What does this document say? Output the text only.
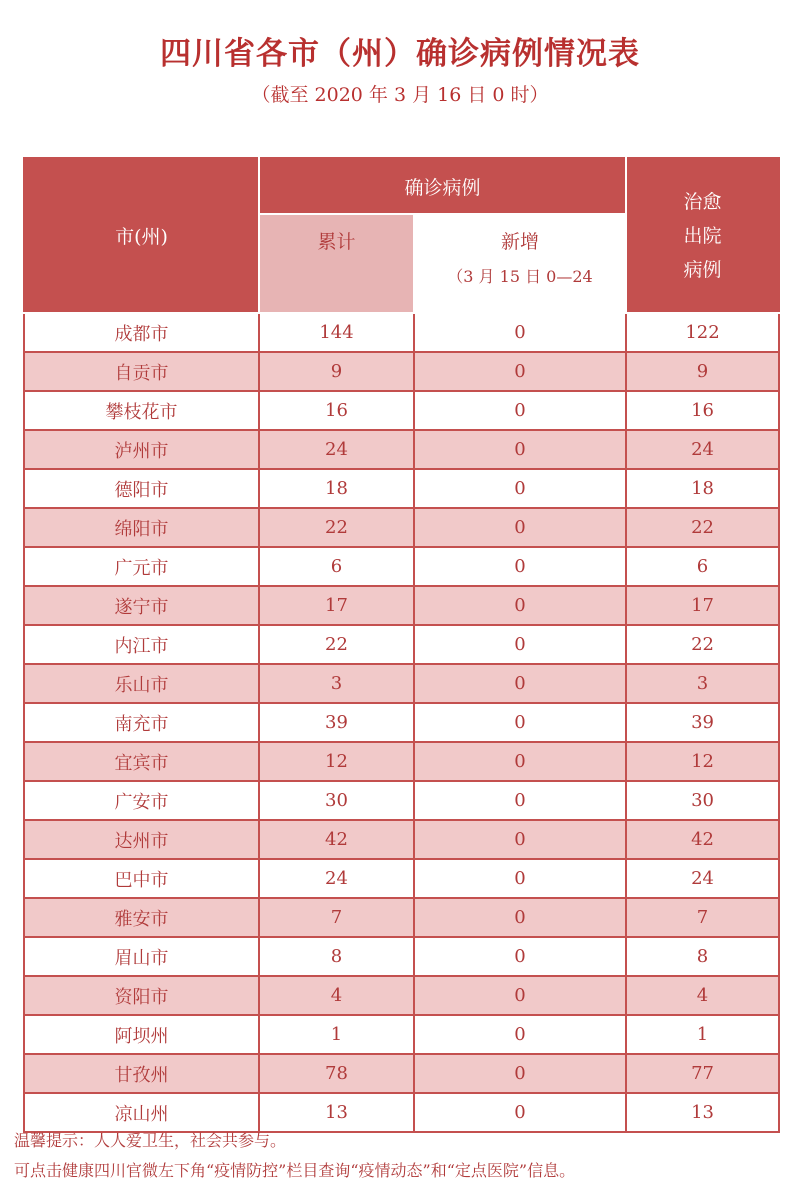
四川省各市（州）确诊病例情况表
（截至 2020 年 3 月 16 日 0 时）
市(州)	确诊病例		治愈
出院
病例
	累计	新增
（3 月 15 日 0—24	

成都市	144	0	122
自贡市	9	0	9
攀枝花市	16	0	16
泸州市	24	0	24
德阳市	18	0	18
绵阳市	22	0	22
广元市	6	0	6
遂宁市	17	0	17
内江市	22	0	22
乐山市	3	0	3
南充市	39	0	39
宜宾市	12	0	12
广安市	30	0	30
达州市	42	0	42
巴中市	24	0	24
雅安市	7	0	7
眉山市	8	0	8
资阳市	4	0	4
阿坝州	1	0	1
甘孜州	78	0	77
凉山州	13	0	13
温馨提示：人人爱卫生，社会共参与。
可点击健康四川官微左下角“疫情防控”栏目查询“疫情动态”和“定点医院”信息。
